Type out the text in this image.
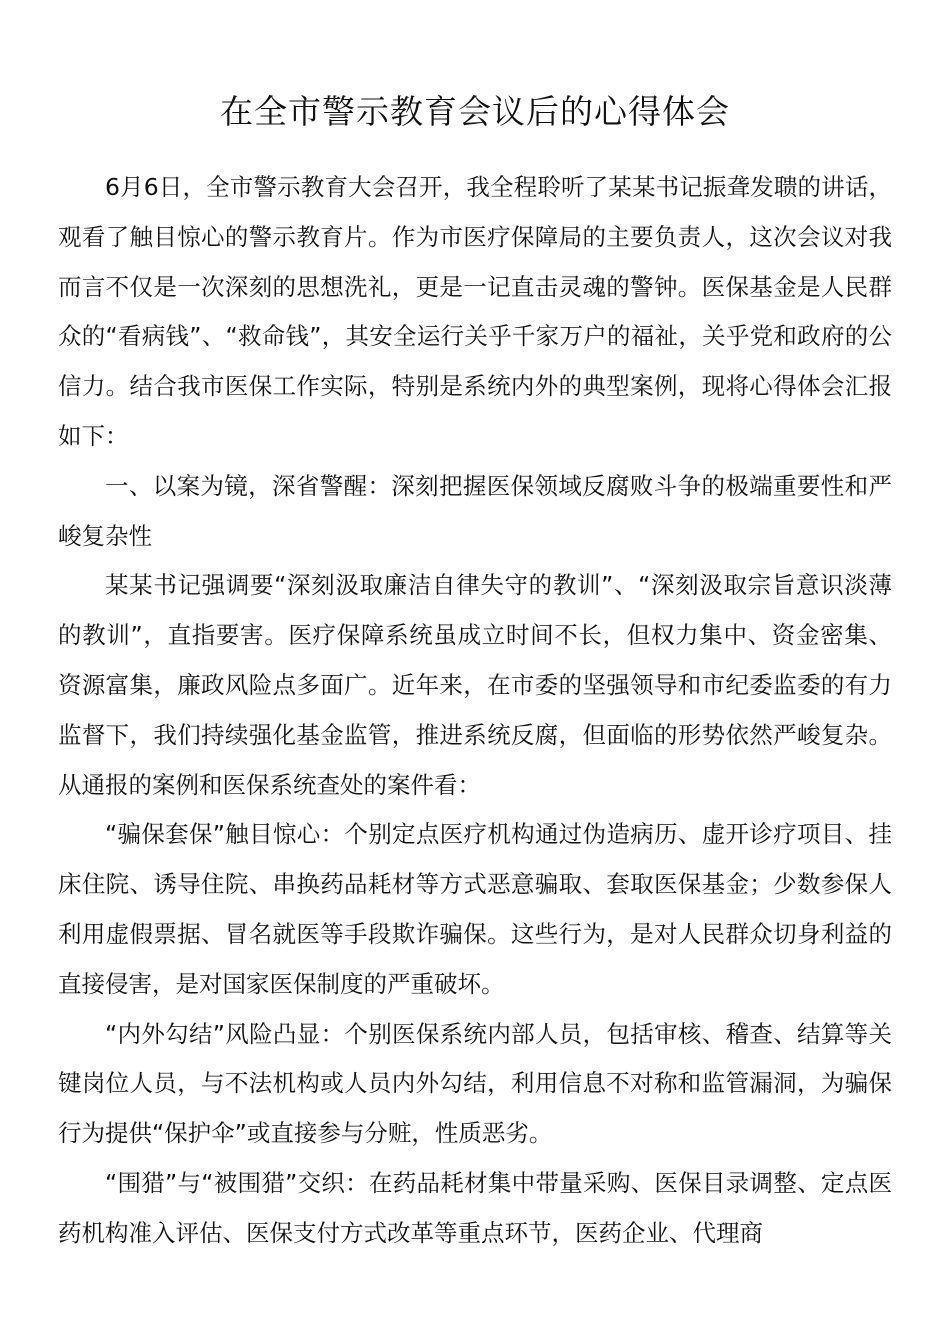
在全市警示教育会议后的心得体会

6月6日，全市警示教育大会召开，我全程聆听了某某书记振聋发聩的讲话，观看了触目惊心的警示教育片。作为市医疗保障局的主要负责人，这次会议对我而言不仅是一次深刻的思想洗礼，更是一记直击灵魂的警钟。医保基金是人民群众的“看病钱”、“救命钱”，其安全运行关乎千家万户的福祉，关乎党和政府的公信力。结合我市医保工作实际，特别是系统内外的典型案例，现将心得体会汇报如下：

一、以案为镜，深省警醒：深刻把握医保领域反腐败斗争的极端重要性和严峻复杂性

某某书记强调要“深刻汲取廉洁自律失守的教训”、“深刻汲取宗旨意识淡薄的教训”，直指要害。医疗保障系统虽成立时间不长，但权力集中、资金密集、资源富集，廉政风险点多面广。近年来，在市委的坚强领导和市纪委监委的有力监督下，我们持续强化基金监管，推进系统反腐，但面临的形势依然严峻复杂。从通报的案例和医保系统查处的案件看：

“骗保套保”触目惊心：个别定点医疗机构通过伪造病历、虚开诊疗项目、挂床住院、诱导住院、串换药品耗材等方式恶意骗取、套取医保基金；少数参保人利用虚假票据、冒名就医等手段欺诈骗保。这些行为，是对人民群众切身利益的直接侵害，是对国家医保制度的严重破坏。

“内外勾结”风险凸显：个别医保系统内部人员，包括审核、稽查、结算等关键岗位人员，与不法机构或人员内外勾结，利用信息不对称和监管漏洞，为骗保行为提供“保护伞”或直接参与分赃，性质恶劣。

“围猎”与“被围猎”交织：在药品耗材集中带量采购、医保目录调整、定点医药机构准入评估、医保支付方式改革等重点环节，医药企业、代理商
